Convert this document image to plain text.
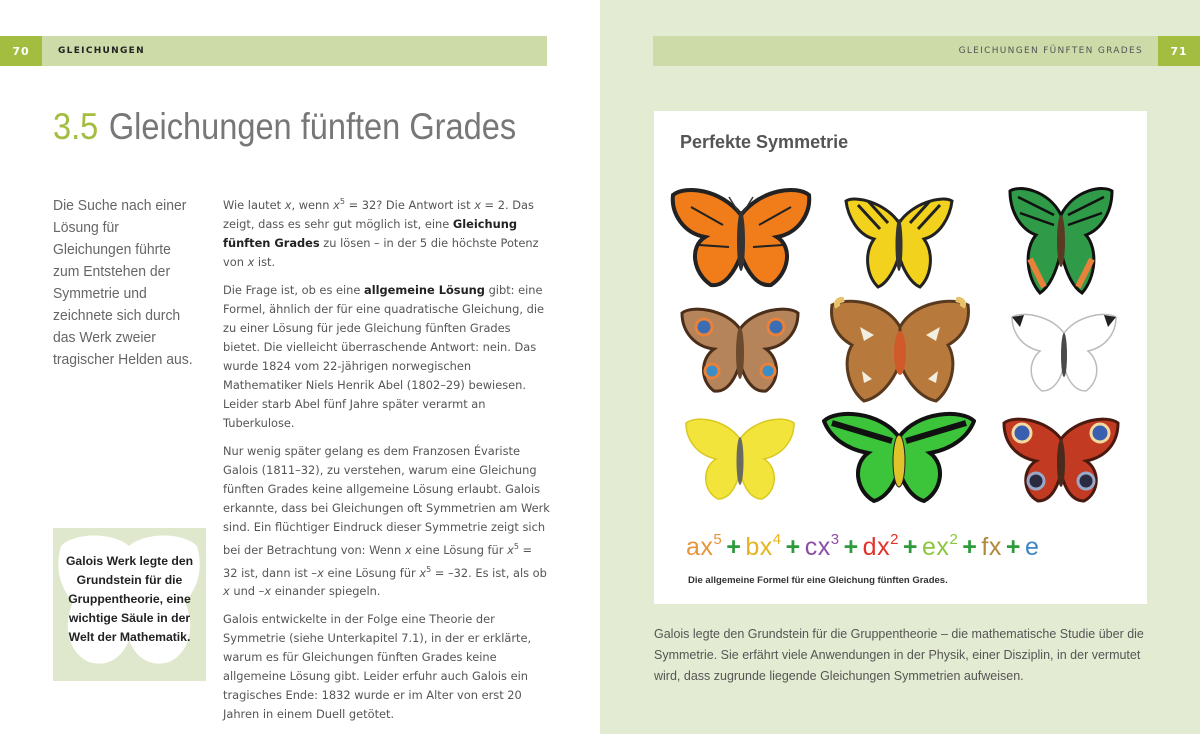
70	GLEICHUNGEN
3.5 Gleichungen fünften Grades
Die Suche nach einer Lösung für Gleichungen führte zum Entstehen der Symmetrie und zeichnete sich durch das Werk zweier tragischer Helden aus.

Wie lautet x, wenn $x^5 = 32$? Die Antwort ist x = 2. Das zeigt, dass es sehr gut möglich ist, eine Gleichung fünften Grades zu lösen – in der 5 die höchste Potenz von x ist.

Die Frage ist, ob es eine allgemeine Lösung gibt: eine Formel, ähnlich der für eine quadratische Gleichung, die zu einer Lösung für jede Gleichung fünften Grades bietet. Die vielleicht überraschende Antwort: nein. Das wurde 1824 vom 22-jährigen norwegischen Mathematiker Niels Henrik Abel (1802–29) bewiesen. Leider starb Abel fünf Jahre später verarmt an Tuberkulose.

Nur wenig später gelang es dem Franzosen Évariste Galois (1811–32), zu verstehen, warum eine Gleichung fünften Grades keine allgemeine Lösung erlaubt. Galois erkannte, dass bei Gleichungen oft Symmetrien am Werk sind. Ein flüchtiger Eindruck dieser Symmetrie zeigt sich bei der Betrachtung von: Wenn x eine Lösung für $x^5 = 32$ ist, dann ist –x eine Lösung für $x^5 = -32$. Es ist, als ob x und –x einander spiegeln.

Galois entwickelte in der Folge eine Theorie der Symmetrie (siehe Unterkapitel 7.1), in der er erklärte, warum es für Gleichungen fünften Grades keine allgemeine Lösung gibt. Leider erfuhr auch Galois ein tragisches Ende: 1832 wurde er im Alter von erst 20 Jahren in einem Duell getötet.

Galois Werk legte den Grundstein für die Gruppentheorie, eine wichtige Säule in der Welt der Mathematik.
71
GLEICHUNGEN FÜNFTEN GRADES
Perfekte Symmetrie
$ax^5 + bx^4 + cx^3 + dx^2 + ex^2$ + fx + e
Die allgemeine Formel für eine Gleichung fünften Grades.
Galois legte den Grundstein für die Gruppentheorie – die mathematische Studie über die Symmetrie. Sie erfährt viele Anwendungen in der Physik, einer Disziplin, in der vermutet wird, dass zugrunde liegende Gleichungen Symmetrien aufweisen.
